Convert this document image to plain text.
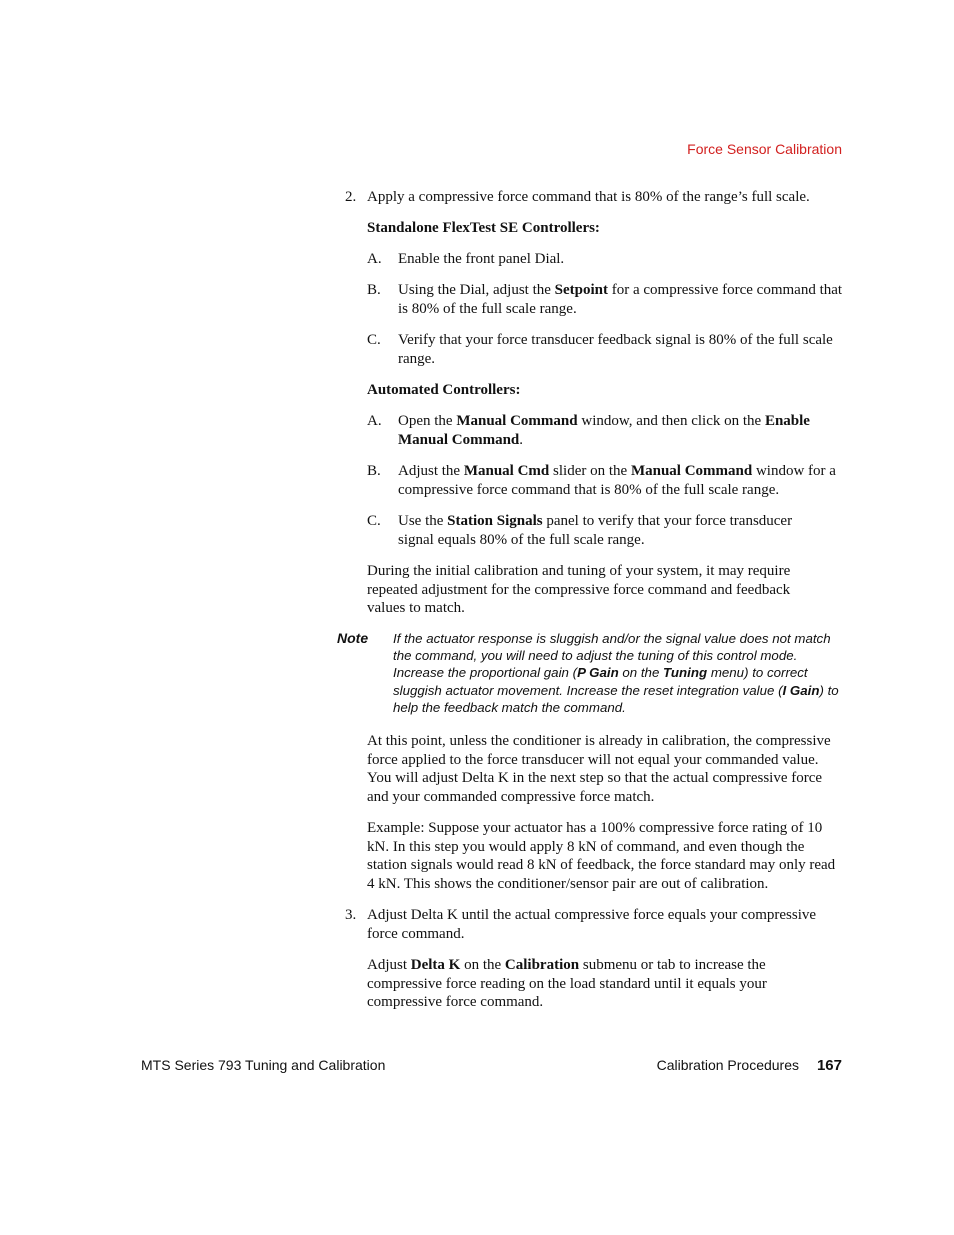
Force Sensor Calibration
2. Apply a compressive force command that is 80% of the range’s full scale.

Standalone FlexTest SE Controllers:

A. Enable the front panel Dial.

B. Using the Dial, adjust the Setpoint for a compressive force command that is 80% of the full scale range.

C. Verify that your force transducer feedback signal is 80% of the full scale range.

Automated Controllers:

A. Open the Manual Command window, and then click on the Enable Manual Command.

B. Adjust the Manual Cmd slider on the Manual Command window for a compressive force command that is 80% of the full scale range.

C. Use the Station Signals panel to verify that your force transducer signal equals 80% of the full scale range.

During the initial calibration and tuning of your system, it may require repeated adjustment for the compressive force command and feedback values to match.

Note If the actuator response is sluggish and/or the signal value does not match the command, you will need to adjust the tuning of this control mode. Increase the proportional gain (P Gain on the Tuning menu) to correct sluggish actuator movement. Increase the reset integration value (I Gain) to help the feedback match the command.

At this point, unless the conditioner is already in calibration, the compressive force applied to the force transducer will not equal your commanded value. You will adjust Delta K in the next step so that the actual compressive force and your commanded compressive force match.

Example: Suppose your actuator has a 100% compressive force rating of 10 kN. In this step you would apply 8 kN of command, and even though the station signals would read 8 kN of feedback, the force standard may only read 4 kN. This shows the conditioner/sensor pair are out of calibration.

3. Adjust Delta K until the actual compressive force equals your compressive force command.

Adjust Delta K on the Calibration submenu or tab to increase the compressive force reading on the load standard until it equals your compressive force command.

MTS Series 793 Tuning and Calibration	Calibration Procedures 167
